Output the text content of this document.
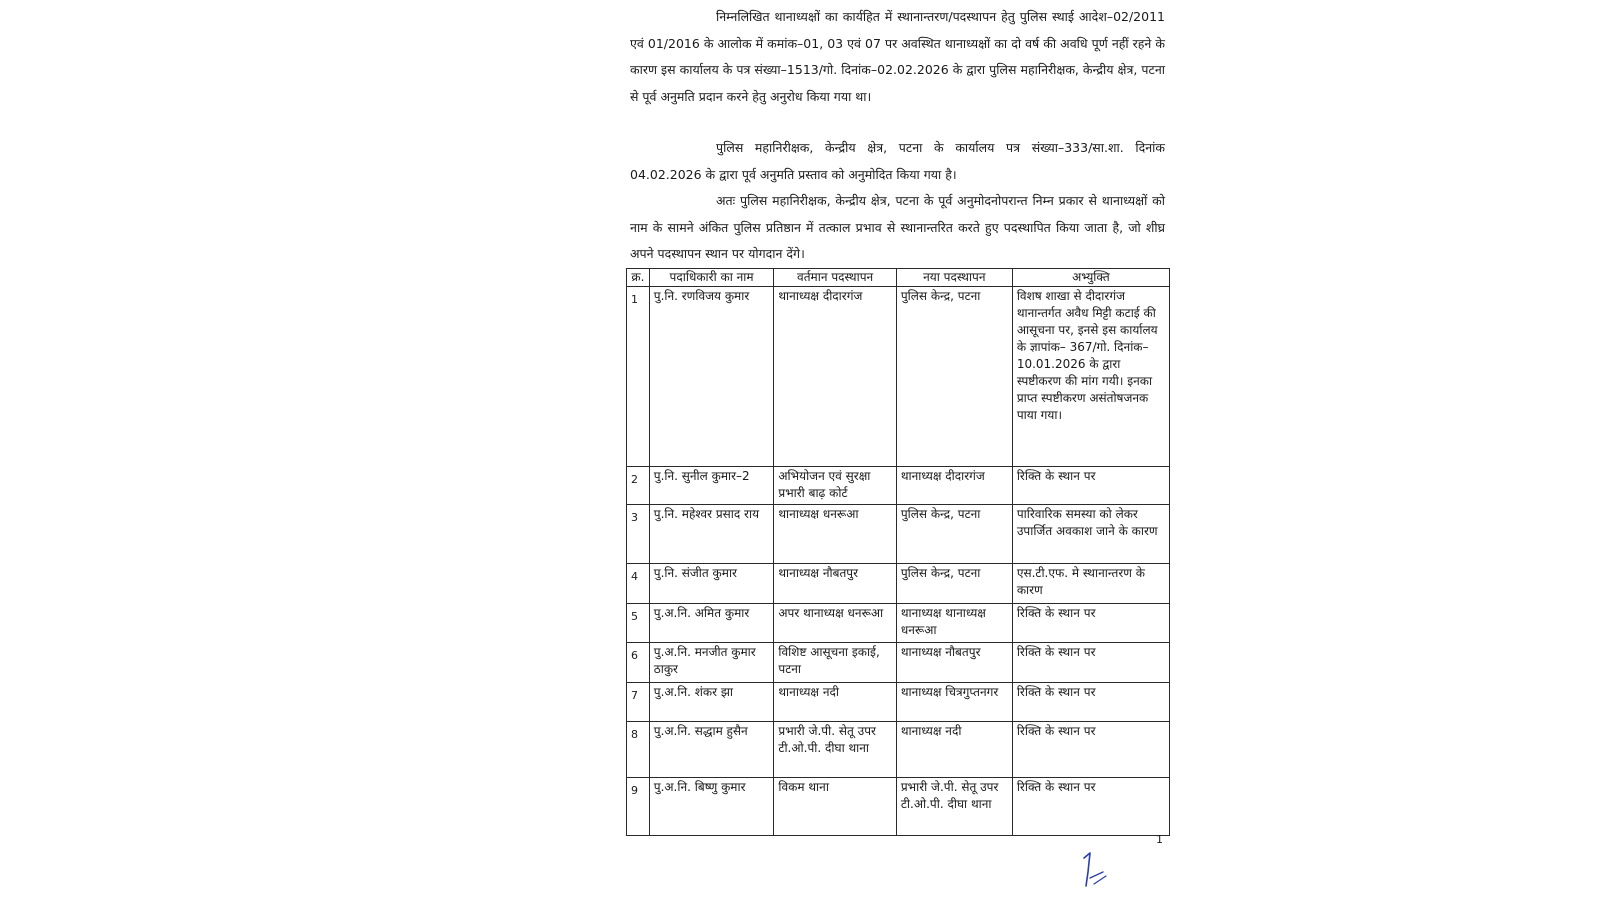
निम्नलिखित थानाध्यक्षों का कार्यहित में स्थानान्तरण/पदस्थापन हेतु पुलिस स्थाई आदेश–02/2011 एवं 01/2016 के आलोक में कमांक–01, 03 एवं 07 पर अवस्थित थानाध्यक्षों का दो वर्ष की अवधि पूर्ण नहीं रहने के कारण इस कार्यालय के पत्र संख्या–1513/गो. दिनांक–02.02.2026 के द्वारा पुलिस महानिरीक्षक, केन्द्रीय क्षेत्र, पटना से पूर्व अनुमति प्रदान करने हेतु अनुरोध किया गया था।

पुलिस महानिरीक्षक, केन्द्रीय क्षेत्र, पटना के कार्यालय पत्र संख्या–333/सा.शा. दिनांक 04.02.2026 के द्वारा पूर्व अनुमति प्रस्ताव को अनुमोदित किया गया है।

अतः पुलिस महानिरीक्षक, केन्द्रीय क्षेत्र, पटना के पूर्व अनुमोदनोपरान्त निम्न प्रकार से थानाध्यक्षों को नाम के सामने अंकित पुलिस प्रतिष्ठान में तत्काल प्रभाव से स्थानान्तरित करते हुए पदस्थापित किया जाता है, जो शीघ्र अपने पदस्थापन स्थान पर योगदान देंगे।

क्र.	पदाधिकारी का नाम	वर्तमान पदस्थापन	नया पदस्थापन	अभ्युक्ति
1	पु.नि. रणविजय कुमार	थानाध्यक्ष दीदारगंज	पुलिस केन्द्र, पटना	विशष शाखा से दीदारगंज थानान्तर्गत अवैध मिट्टी कटाई की आसूचना पर, इनसे इस कार्यालय के ज्ञापांक– 367/गो. दिनांक–10.01.2026 के द्वारा स्पष्टीकरण की मांग गयी। इनका प्राप्त स्पष्टीकरण असंतोषजनक पाया गया।
2	पु.नि. सुनील कुमार–2	अभियोजन एवं सुरक्षा प्रभारी बाढ़ कोर्ट	थानाध्यक्ष दीदारगंज	रिक्ति के स्थान पर
3	पु.नि. महेश्वर प्रसाद राय	थानाध्यक्ष धनरूआ	पुलिस केन्द्र, पटना	पारिवारिक समस्या को लेकर उपार्जित अवकाश जाने के कारण
4	पु.नि. संजीत कुमार	थानाध्यक्ष नौबतपुर	पुलिस केन्द्र, पटना	एस.टी.एफ. मे स्थानान्तरण के कारण
5	पु.अ.नि. अमित कुमार	अपर थानाध्यक्ष धनरूआ	थानाध्यक्ष थानाध्यक्ष धनरूआ	रिक्ति के स्थान पर
6	पु.अ.नि. मनजीत कुमार ठाकुर	विशिष्ट आसूचना इकाई, पटना	थानाध्यक्ष नौबतपुर	रिक्ति के स्थान पर
7	पु.अ.नि. शंकर झा	थानाध्यक्ष नदी	थानाध्यक्ष चित्रगुप्तनगर	रिक्ति के स्थान पर
8	पु.अ.नि. सद्धाम हुसैन	प्रभारी जे.पी. सेतू उपर टी.ओ.पी. दीघा थाना	थानाध्यक्ष नदी	रिक्ति के स्थान पर
9	पु.अ.नि. बिष्णु कुमार	विकम थाना	प्रभारी जे.पी. सेतू उपर टी.ओ.पी. दीघा थाना	रिक्ति के स्थान पर
1
